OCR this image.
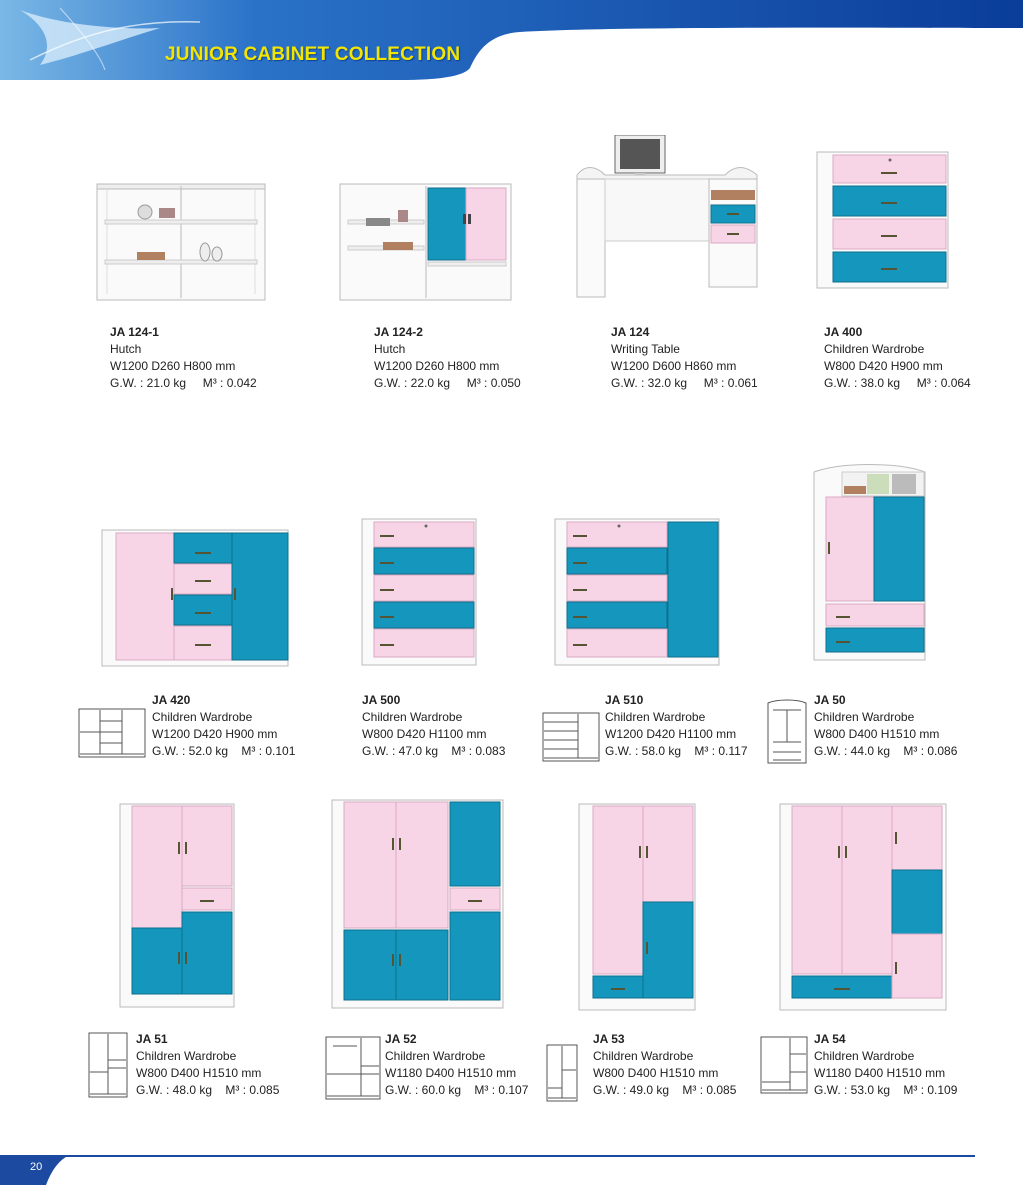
JUNIOR CABINET COLLECTION
JA 124-1
Hutch
W1200 D260 H800 mm
G.W. : 21.0 kg M³ : 0.042
JA 124-2
Hutch
W1200 D260 H800 mm
G.W. : 22.0 kg M³ : 0.050
JA 124
Writing Table
W1200 D600 H860 mm
G.W. : 32.0 kg M³ : 0.061
JA 400
Children Wardrobe
W800 D420 H900 mm
G.W. : 38.0 kg M³ : 0.064
JA 420
Children Wardrobe
W1200 D420 H900 mm
G.W. : 52.0 kg M³ : 0.101
JA 500
Children Wardrobe
W800 D420 H1100 mm
G.W. : 47.0 kg M³ : 0.083
JA 510
Children Wardrobe
W1200 D420 H1100 mm
G.W. : 58.0 kg M³ : 0.117
JA 50
Children Wardrobe
W800 D400 H1510 mm
G.W. : 44.0 kg M³ : 0.086
JA 51
Children Wardrobe
W800 D400 H1510 mm
G.W. : 48.0 kg M³ : 0.085
JA 52
Children Wardrobe
W1180 D400 H1510 mm
G.W. : 60.0 kg M³ : 0.107
JA 53
Children Wardrobe
W800 D400 H1510 mm
G.W. : 49.0 kg M³ : 0.085
JA 54
Children Wardrobe
W1180 D400 H1510 mm
G.W. : 53.0 kg M³ : 0.109
20
